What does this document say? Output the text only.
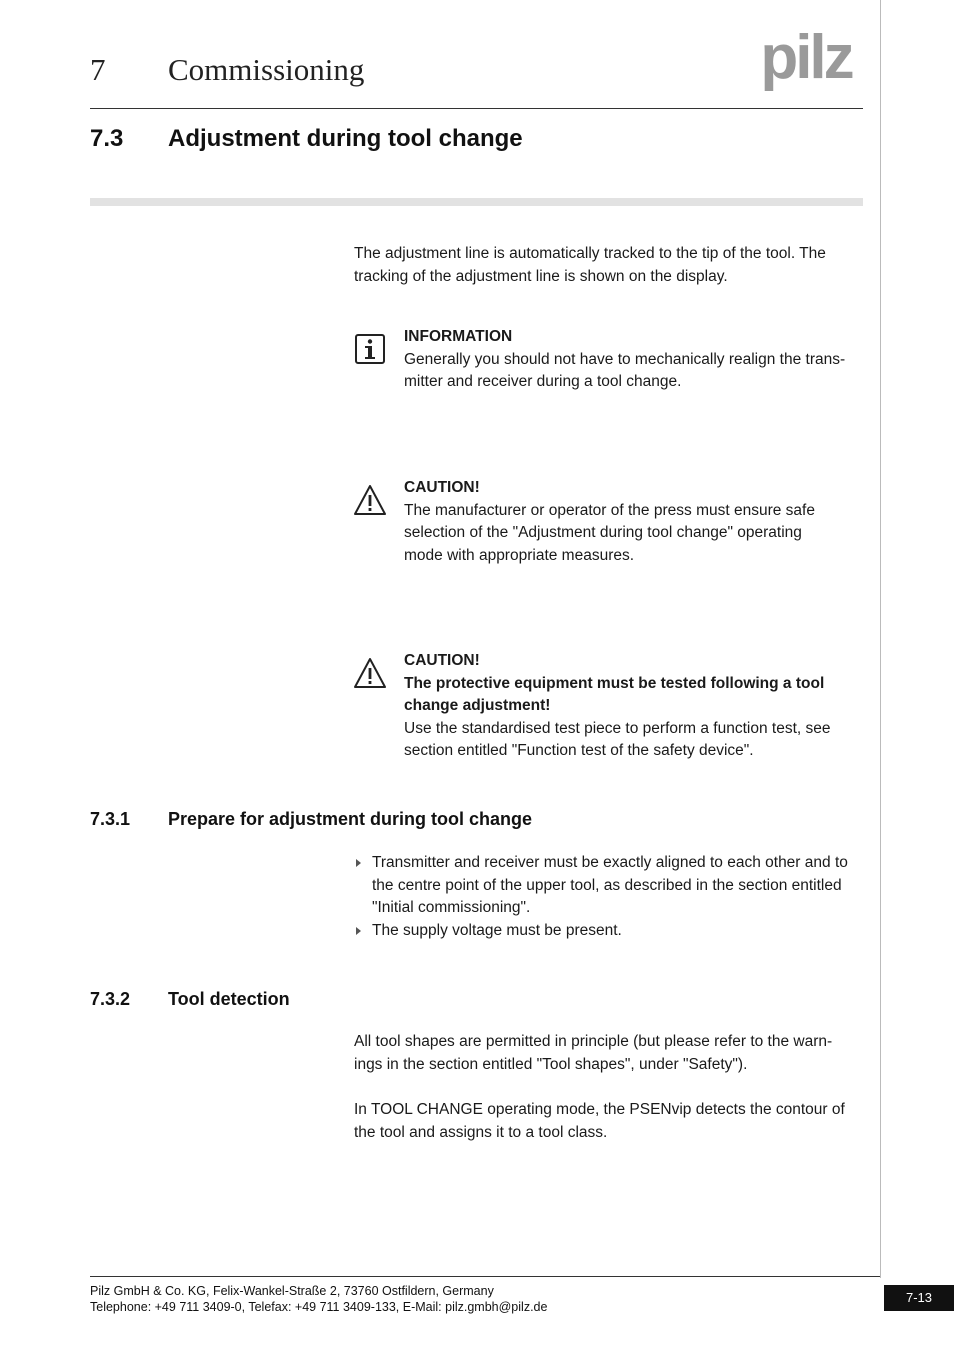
7 Commissioning	pilz
7.3 Adjustment during tool change
The adjustment line is automatically tracked to the tip of the tool. The tracking of the adjustment line is shown on the display.
INFORMATION
Generally you should not have to mechanically realign the trans-
mitter and receiver during a tool change.
CAUTION!
The manufacturer or operator of the press must ensure safe
selection of the "Adjustment during tool change" operating
mode with appropriate measures.
CAUTION!
The protective equipment must be tested following a tool
change adjustment!
Use the standardised test piece to perform a function test, see
section entitled "Function test of the safety device".
7.3.1 Prepare for adjustment during tool change
Transmitter and receiver must be exactly aligned to each other and to
the centre point of the upper tool, as described in the section entitled
"Initial commissioning".
The supply voltage must be present.
7.3.2 Tool detection
All tool shapes are permitted in principle (but please refer to the warn-
ings in the section entitled "Tool shapes", under "Safety").
In TOOL CHANGE operating mode, the PSENvip detects the contour of
the tool and assigns it to a tool class.
Pilz GmbH & Co. KG, Felix-Wankel-Straße 2, 73760 Ostfildern, Germany
Telephone: +49 711 3409-0, Telefax: +49 711 3409-133, E-Mail: pilz.gmbh@pilz.de
7-13
